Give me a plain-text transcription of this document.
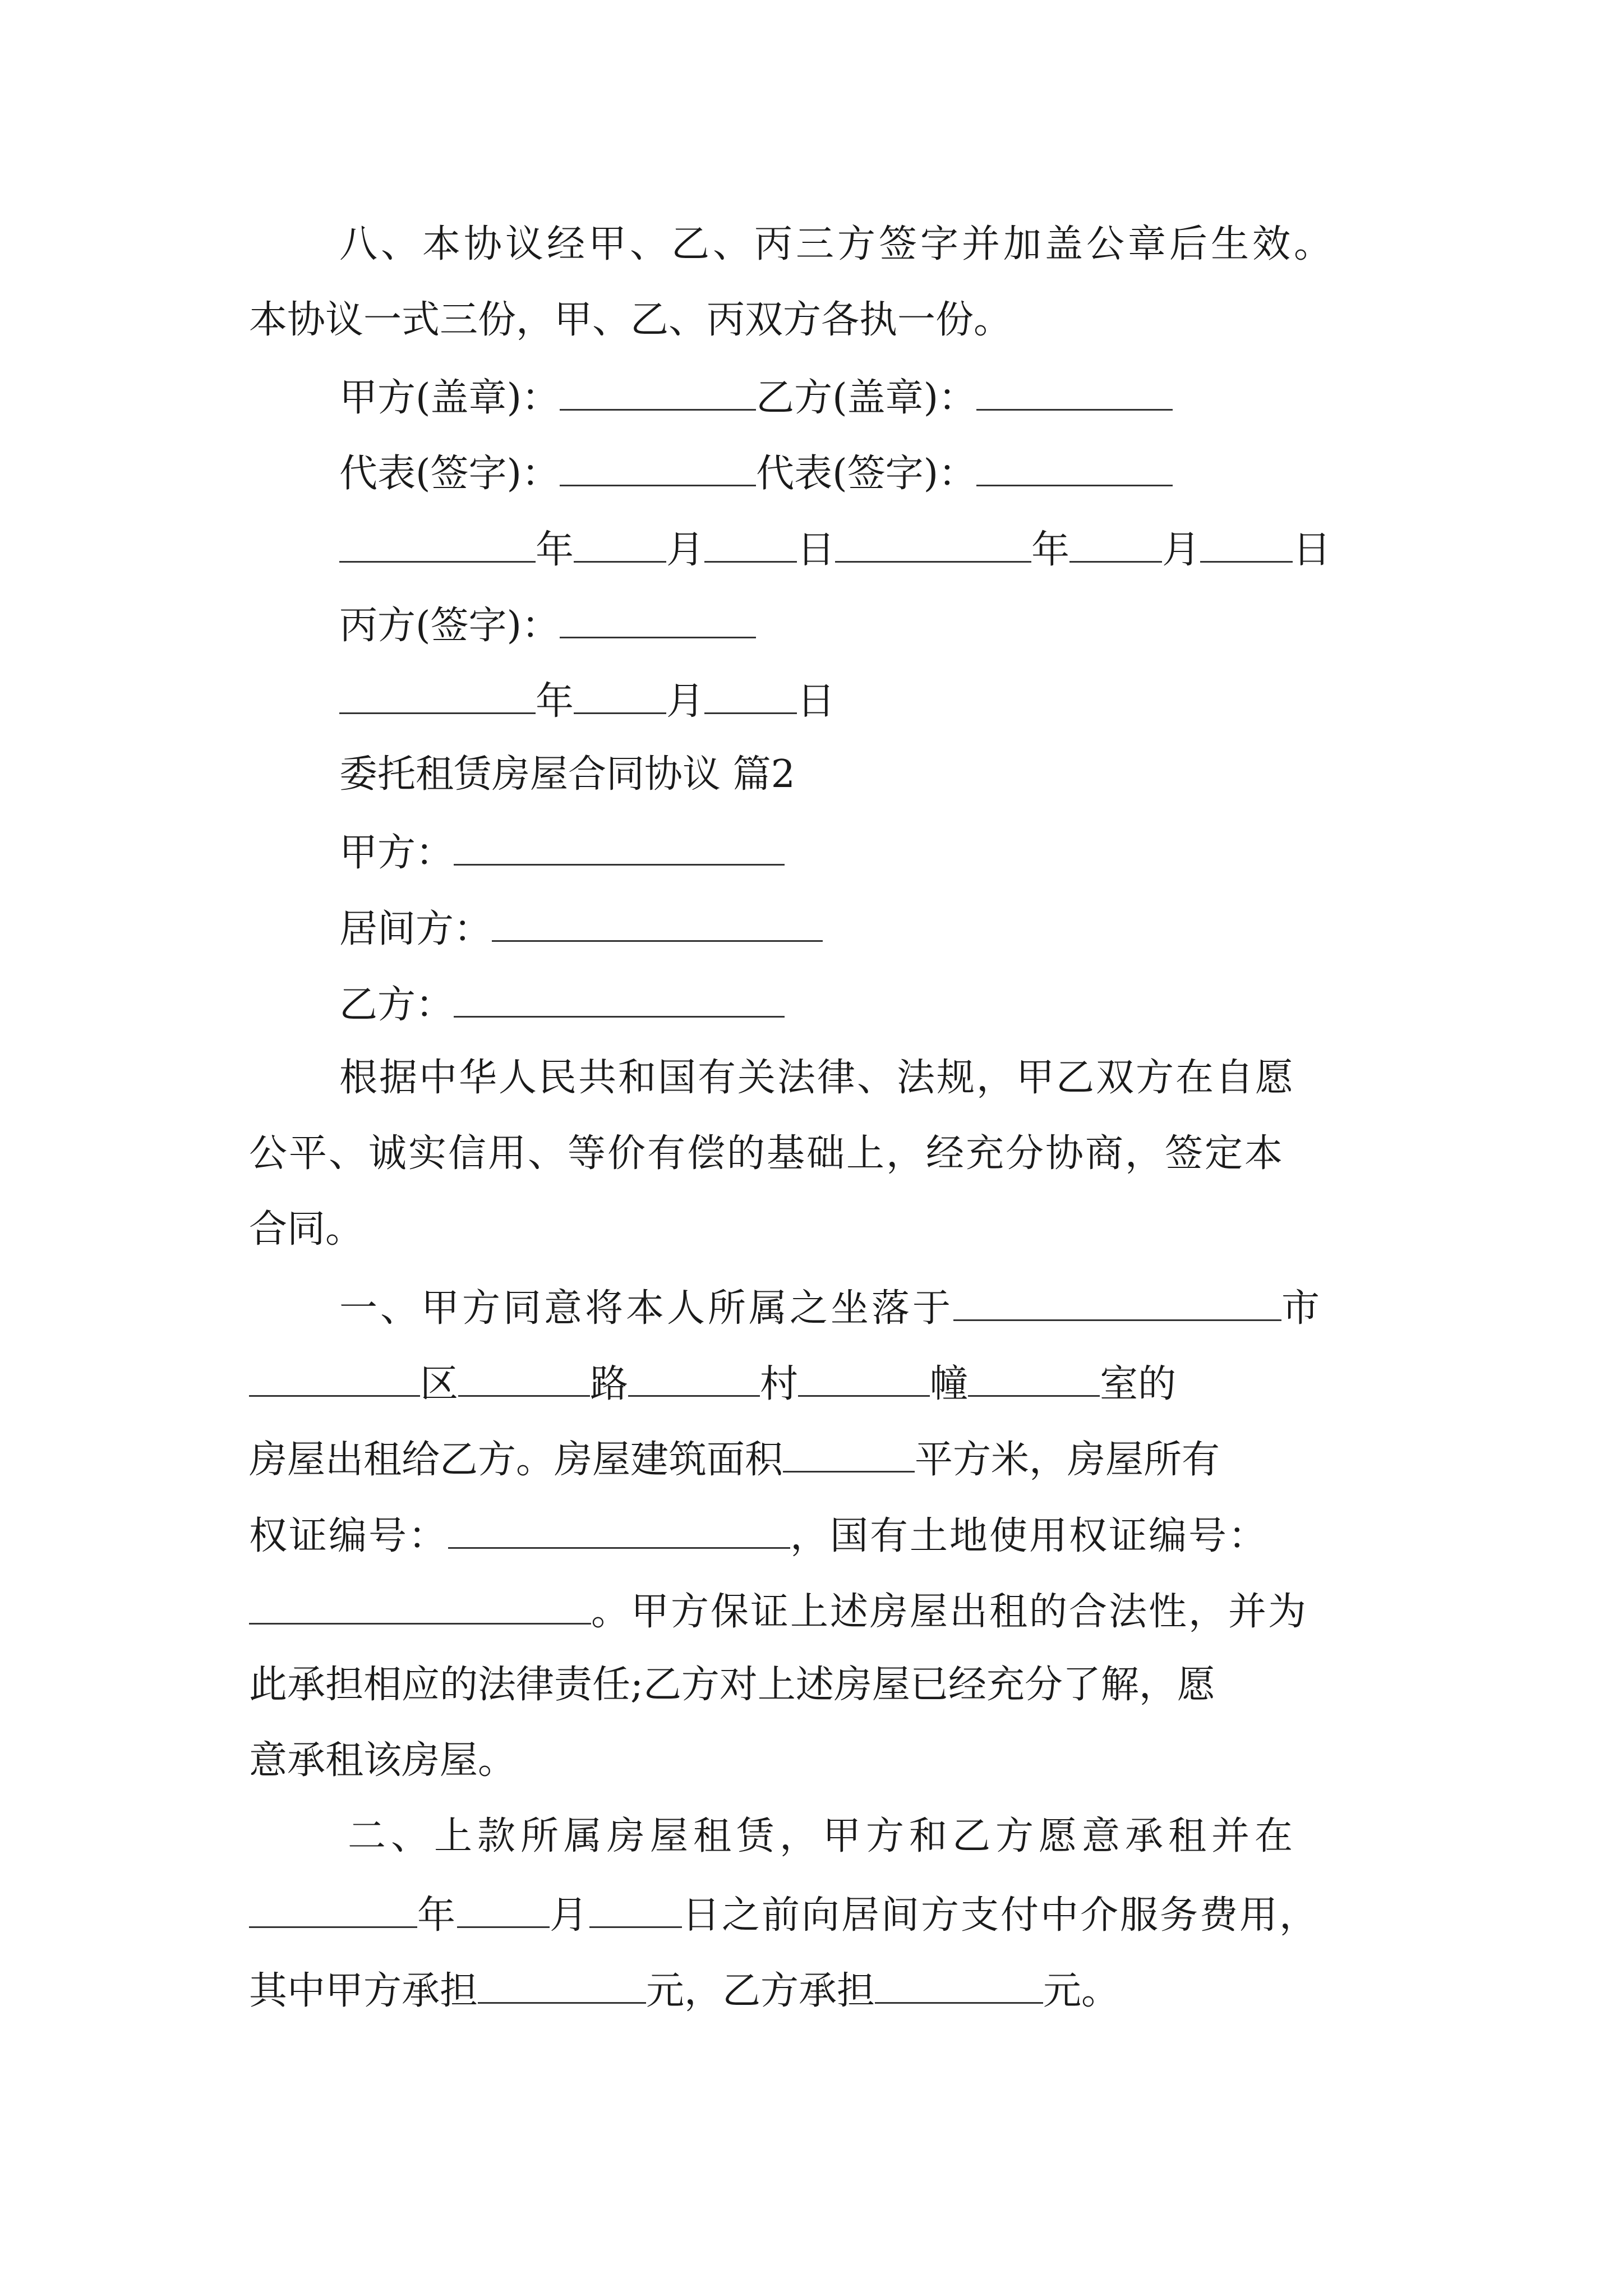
八、本协议经甲、乙、丙三方签字并加盖公章后生效。
本协议一式三份，甲、乙、丙双方各执一份。
甲方(盖章)：	乙方(盖章)：
代表(签字)：	代表(签字)：
年 月 日	年 月 日
丙方(签字)：
年 月 日
委托租赁房屋合同协议 篇2
甲方：
居间方：
乙方：
根据中华人民共和国有关法律、法规，甲乙双方在自愿
公平、诚实信用、等价有偿的基础上，经充分协商，签定本
合同。
一、甲方同意将本人所属之坐落于	市
区	路	村	幢	室的
房屋出租给乙方。房屋建筑面积	平方米，房屋所有
权证编号：	，国有土地使用权证编号：
。甲方保证上述房屋出租的合法性，并为
此承担相应的法律责任;乙方对上述房屋已经充分了解，愿
意承租该房屋。
二、上款所属房屋租赁，甲方和乙方愿意承租并在
年 月 日之前向居间方支付中介服务费用，
其中甲方承担	元，乙方承担	元。
